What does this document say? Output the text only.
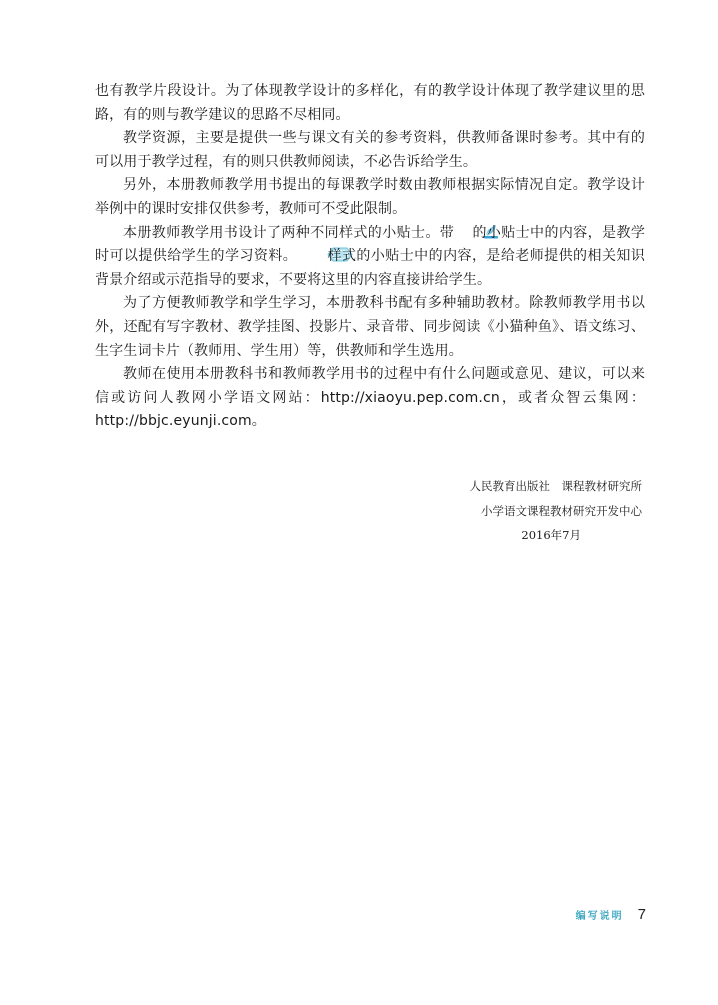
也有教学片段设计。为了体现教学设计的多样化，有的教学设计体现了教学建议里的思路，有的则与教学建议的思路不尽相同。

教学资源，主要是提供一些与课文有关的参考资料，供教师备课时参考。其中有的可以用于教学过程，有的则只供教师阅读，不必告诉给学生。

另外，本册教师教学用书提出的每课教学时数由教师根据实际情况自定。教学设计举例中的课时安排仅供参考，教师可不受此限制。

本册教师教学用书设计了两种不同样式的小贴士。带 的小贴士中的内容，是教学时可以提供给学生的学习资料。 样式的小贴士中的内容，是给老师提供的相关知识背景介绍或示范指导的要求，不要将这里的内容直接讲给学生。

为了方便教师教学和学生学习，本册教科书配有多种辅助教材。除教师教学用书以外，还配有写字教材、教学挂图、投影片、录音带、同步阅读《小猫种鱼》、语文练习、生字生词卡片（教师用、学生用）等，供教师和学生选用。

教师在使用本册教科书和教师教学用书的过程中有什么问题或意见、建议，可以来信或访问人教网小学语文网站：http://xiaoyu.pep.com.cn，或者众智云集网：http://bbjc.eyunji.com。

人民教育出版社　课程教材研究所
小学语文课程教材研究开发中心
2016年7月
编写说明 7
